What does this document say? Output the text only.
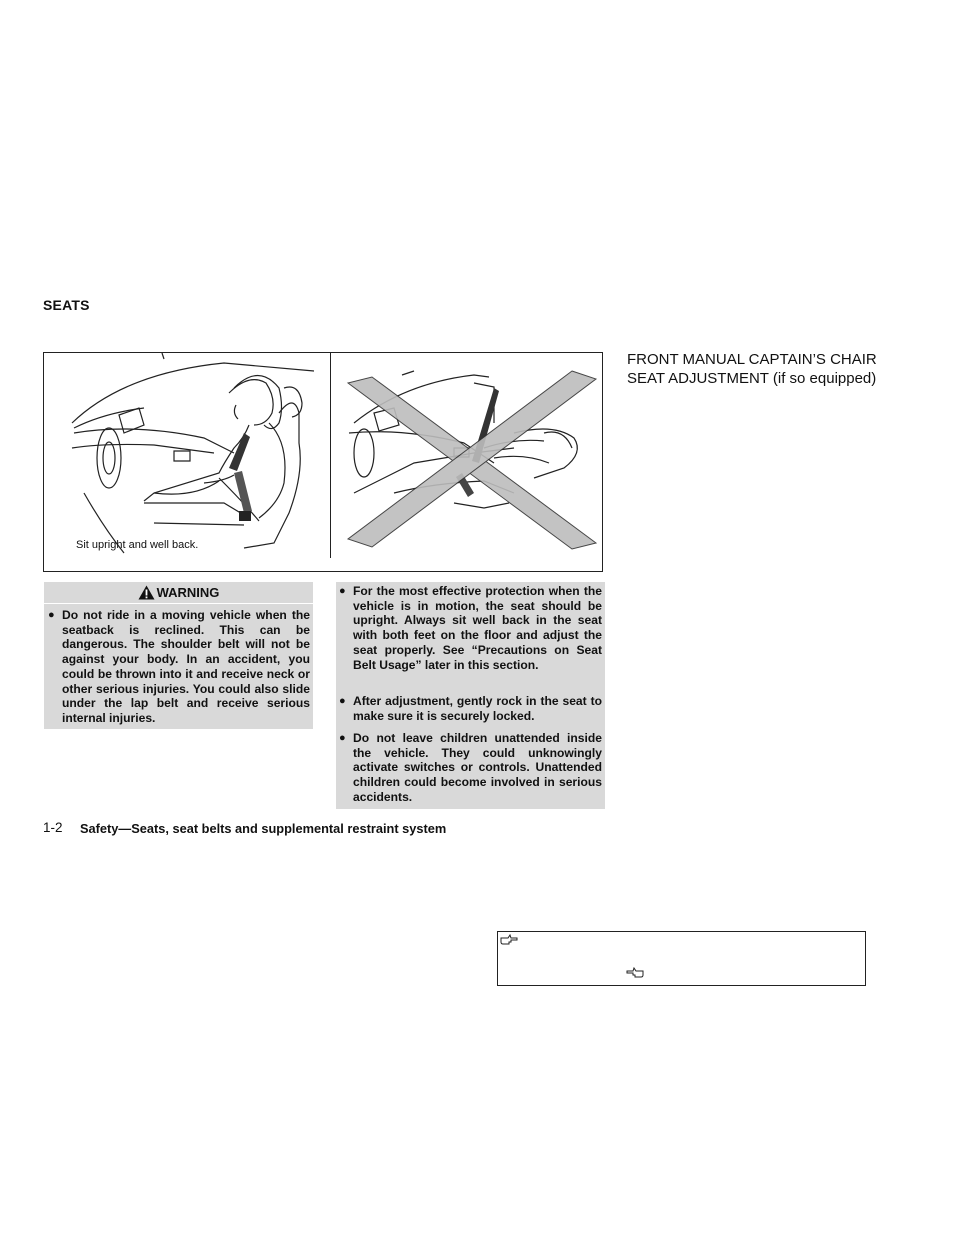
SEATS
Sit upright and well back.
FRONT MANUAL CAPTAIN’S CHAIR
SEAT ADJUSTMENT (if so equipped)
WARNING
● Do not ride in a moving vehicle when the seatback is reclined. This can be dangerous. The shoulder belt will not be against your body. In an accident, you could be thrown into it and receive neck or other serious injuries. You could also slide under the lap belt and receive serious internal injuries.
● For the most effective protection when the vehicle is in motion, the seat should be upright. Always sit well back in the seat with both feet on the floor and adjust the seat properly. See “Precautions on Seat Belt Usage” later in this section.
● After adjustment, gently rock in the seat to make sure it is securely locked.
● Do not leave children unattended inside the vehicle. They could unknowingly activate switches or controls. Unattended children could become involved in serious accidents.
1-2 Safety—Seats, seat belts and supplemental restraint system
